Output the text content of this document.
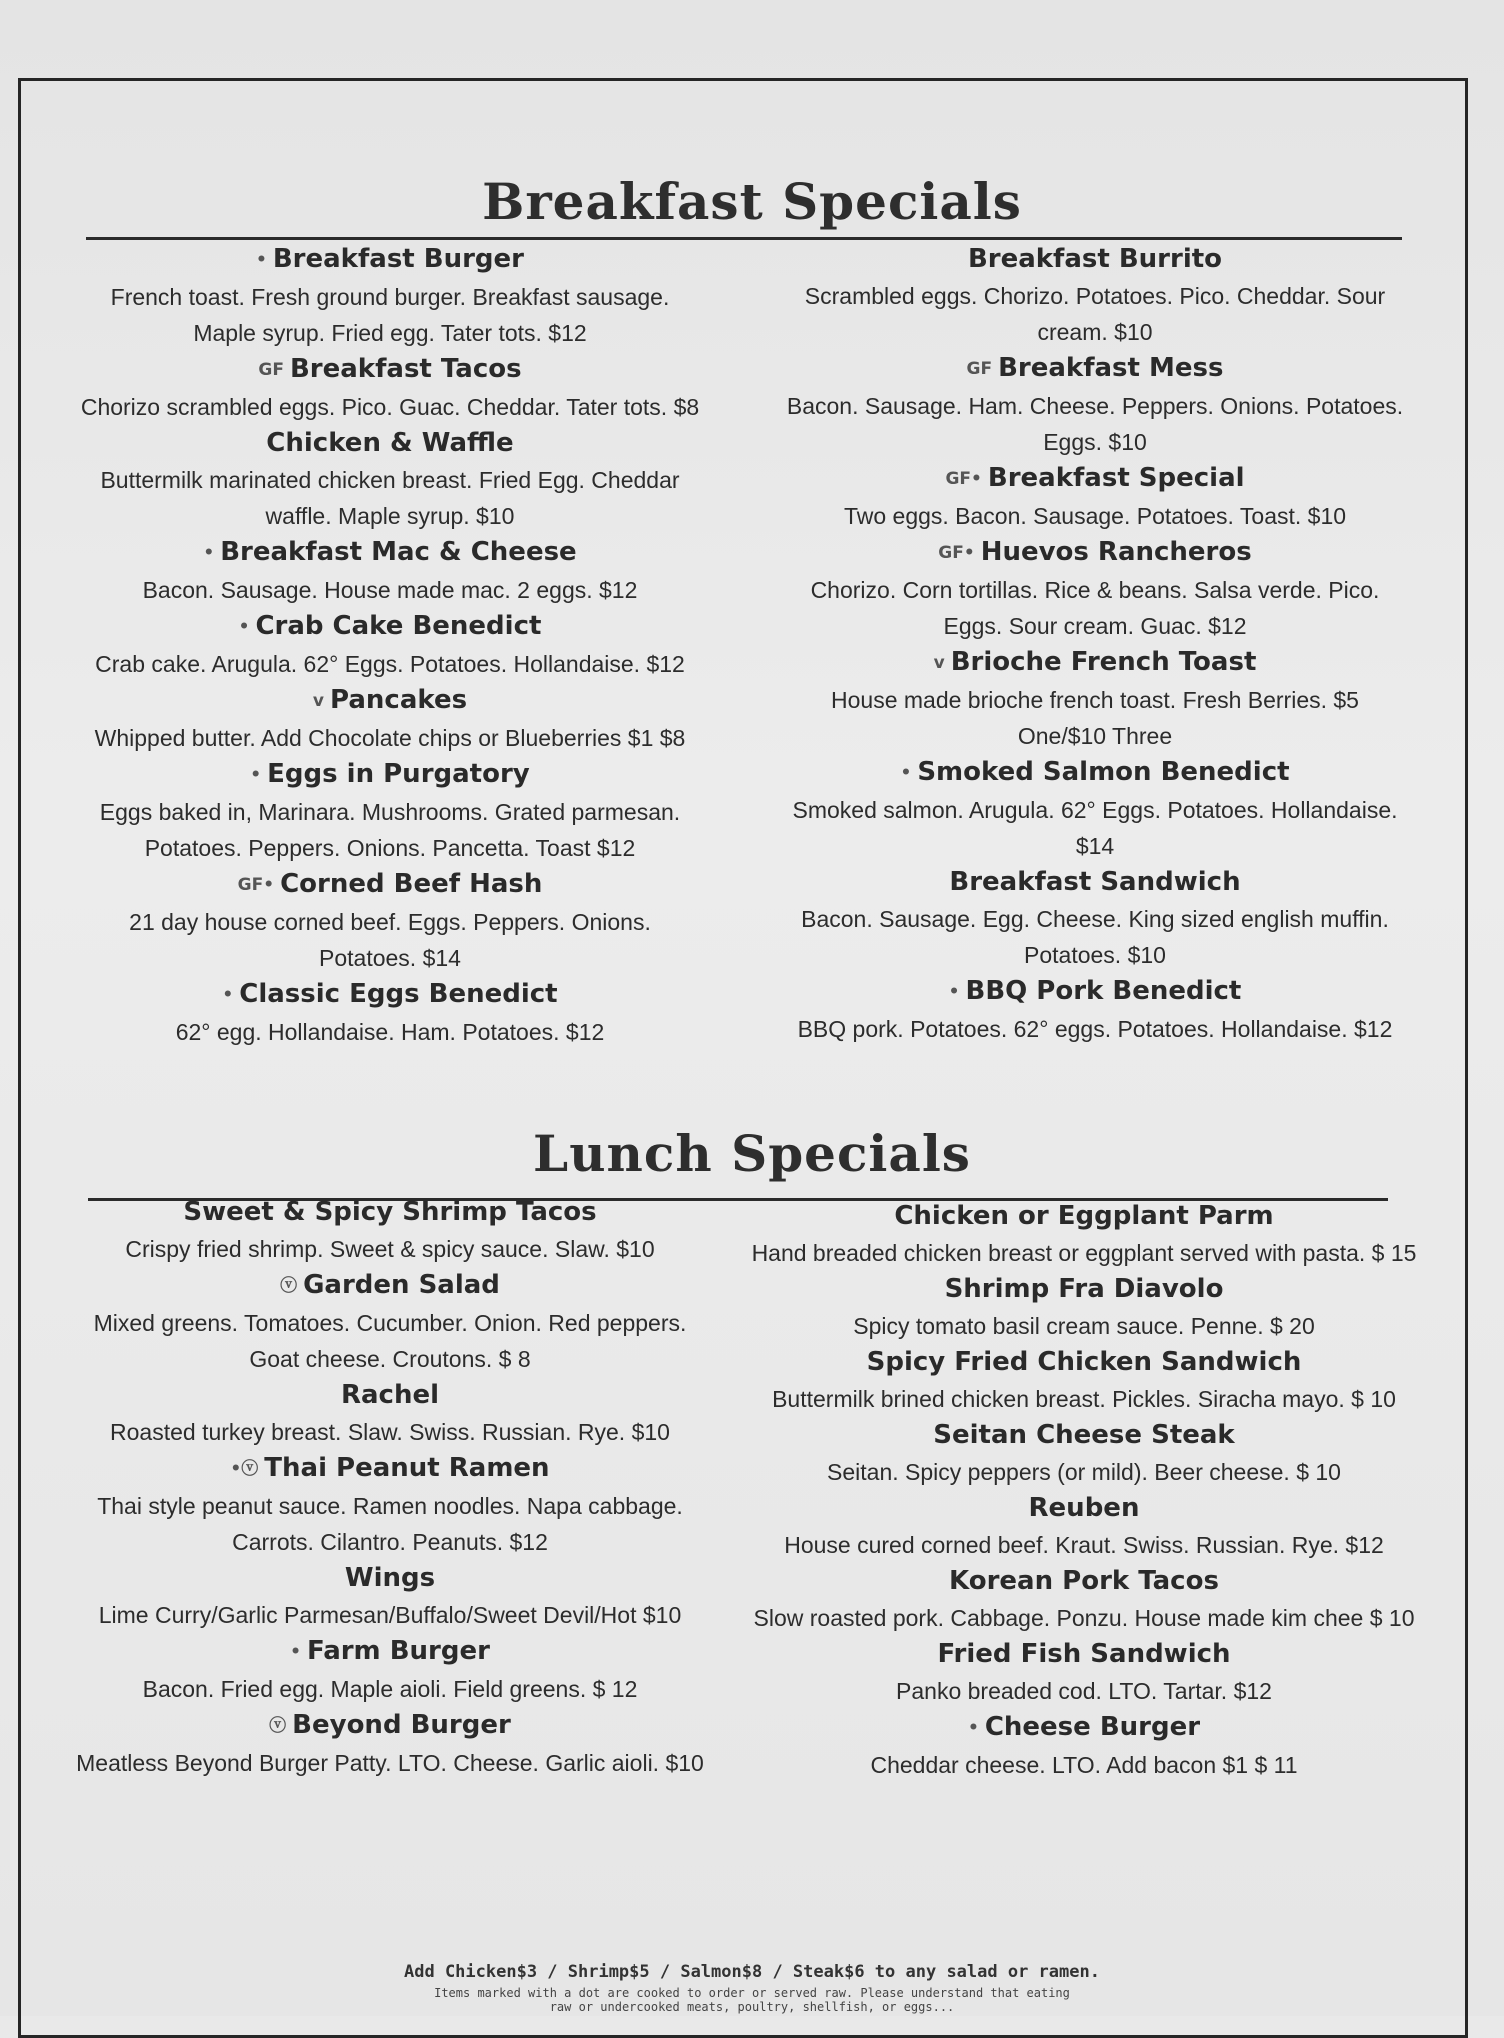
Breakfast Specials
• Breakfast Burger
French toast. Fresh ground burger. Breakfast sausage. Maple syrup. Fried egg. Tater tots. $12
GF Breakfast Tacos
Chorizo scrambled eggs. Pico. Guac. Cheddar. Tater tots. $8
Chicken & Waffle
Buttermilk marinated chicken breast. Fried Egg. Cheddar waffle. Maple syrup. $10
• Breakfast Mac & Cheese
Bacon. Sausage. House made mac. 2 eggs. $12
• Crab Cake Benedict
Crab cake. Arugula. 62° Eggs. Potatoes. Hollandaise. $12
v Pancakes
Whipped butter. Add Chocolate chips or Blueberries $1 $8
• Eggs in Purgatory
Eggs baked in, Marinara. Mushrooms. Grated parmesan. Potatoes. Peppers. Onions. Pancetta. Toast $12
GF• Corned Beef Hash
21 day house corned beef. Eggs. Peppers. Onions. Potatoes. $14
• Classic Eggs Benedict
62° egg. Hollandaise. Ham. Potatoes. $12
Breakfast Burrito
Scrambled eggs. Chorizo. Potatoes. Pico. Cheddar. Sour cream. $10
GF Breakfast Mess
Bacon. Sausage. Ham. Cheese. Peppers. Onions. Potatoes. Eggs. $10
GF• Breakfast Special
Two eggs. Bacon. Sausage. Potatoes. Toast. $10
GF• Huevos Rancheros
Chorizo. Corn tortillas. Rice & beans. Salsa verde. Pico. Eggs. Sour cream. Guac. $12
v Brioche French Toast
House made brioche french toast. Fresh Berries. $5 One/$10 Three
• Smoked Salmon Benedict
Smoked salmon. Arugula. 62° Eggs. Potatoes. Hollandaise. $14
Breakfast Sandwich
Bacon. Sausage. Egg. Cheese. King sized english muffin. Potatoes. $10
• BBQ Pork Benedict
BBQ pork. Potatoes. 62° eggs. Potatoes. Hollandaise. $12
Lunch Specials
Sweet & Spicy Shrimp Tacos
Crispy fried shrimp. Sweet & spicy sauce. Slaw. $10
ⓥ Garden Salad
Mixed greens. Tomatoes. Cucumber. Onion. Red peppers. Goat cheese. Croutons. $ 8
Rachel
Roasted turkey breast. Slaw. Swiss. Russian. Rye. $10
•ⓥ Thai Peanut Ramen
Thai style peanut sauce. Ramen noodles. Napa cabbage. Carrots. Cilantro. Peanuts. $12
Wings
Lime Curry/Garlic Parmesan/Buffalo/Sweet Devil/Hot $10
• Farm Burger
Bacon. Fried egg. Maple aioli. Field greens. $ 12
ⓥ Beyond Burger
Meatless Beyond Burger Patty. LTO. Cheese. Garlic aioli. $10
Chicken or Eggplant Parm
Hand breaded chicken breast or eggplant served with pasta. $ 15
Shrimp Fra Diavolo
Spicy tomato basil cream sauce. Penne. $ 20
Spicy Fried Chicken Sandwich
Buttermilk brined chicken breast. Pickles. Siracha mayo. $ 10
Seitan Cheese Steak
Seitan. Spicy peppers (or mild). Beer cheese. $ 10
Reuben
House cured corned beef. Kraut. Swiss. Russian. Rye. $12
Korean Pork Tacos
Slow roasted pork. Cabbage. Ponzu. House made kim chee $ 10
Fried Fish Sandwich
Panko breaded cod. LTO. Tartar. $12
• Cheese Burger
Cheddar cheese. LTO. Add bacon $1 $ 11
Add Chicken$3 / Shrimp$5 / Salmon$8 / Steak$6 to any salad or ramen.
Items marked with a dot are cooked to order or served raw. Please understand that eating
raw or undercooked meats, poultry, shellfish, or eggs...
